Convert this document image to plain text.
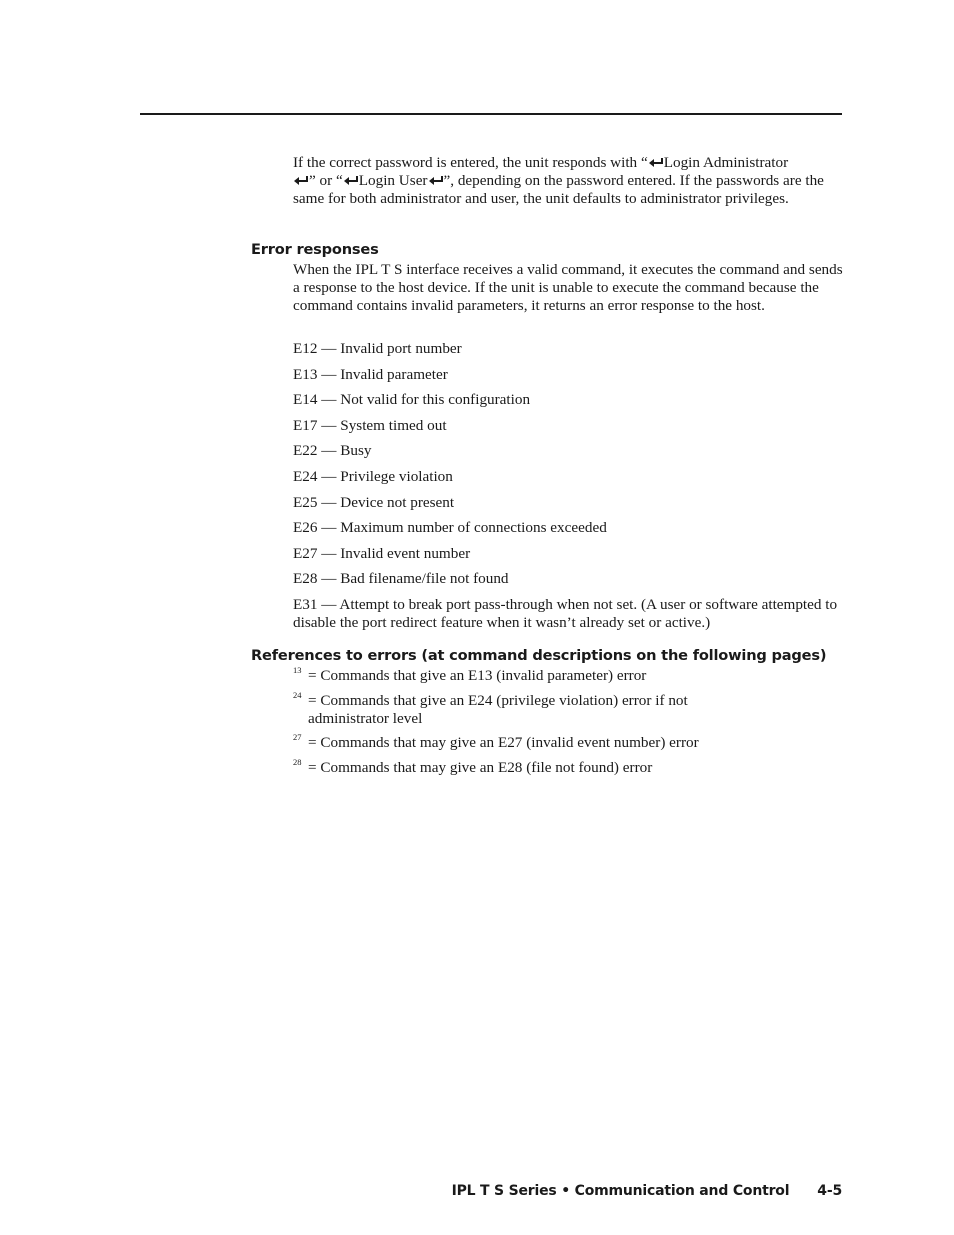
If the correct password is entered, the unit responds with “ Login Administrator
” or “ Login User ”, depending on the password entered. If the passwords are the same for both administrator and user, the unit defaults to administrator privileges.

Error responses

When the IPL T S interface receives a valid command, it executes the command and sends a response to the host device. If the unit is unable to execute the command because the command contains invalid parameters, it returns an error response to the host.

E12 — Invalid port number
E13 — Invalid parameter
E14 — Not valid for this configuration
E17 — System timed out
E22 — Busy
E24 — Privilege violation
E25 — Device not present
E26 — Maximum number of connections exceeded
E27 — Invalid event number
E28 — Bad filename/file not found
E31 — Attempt to break port pass-through when not set. (A user or software attempted to disable the port redirect feature when it wasn’t already set or active.)
References to errors (at command descriptions on the following pages)
13 = Commands that give an E13 (invalid parameter) error
24 = Commands that give an E24 (privilege violation) error if not administrator level
27 = Commands that may give an E27 (invalid event number) error
28 = Commands that may give an E28 (file not found) error
IPL T S Series • Communication and Control 4-5
